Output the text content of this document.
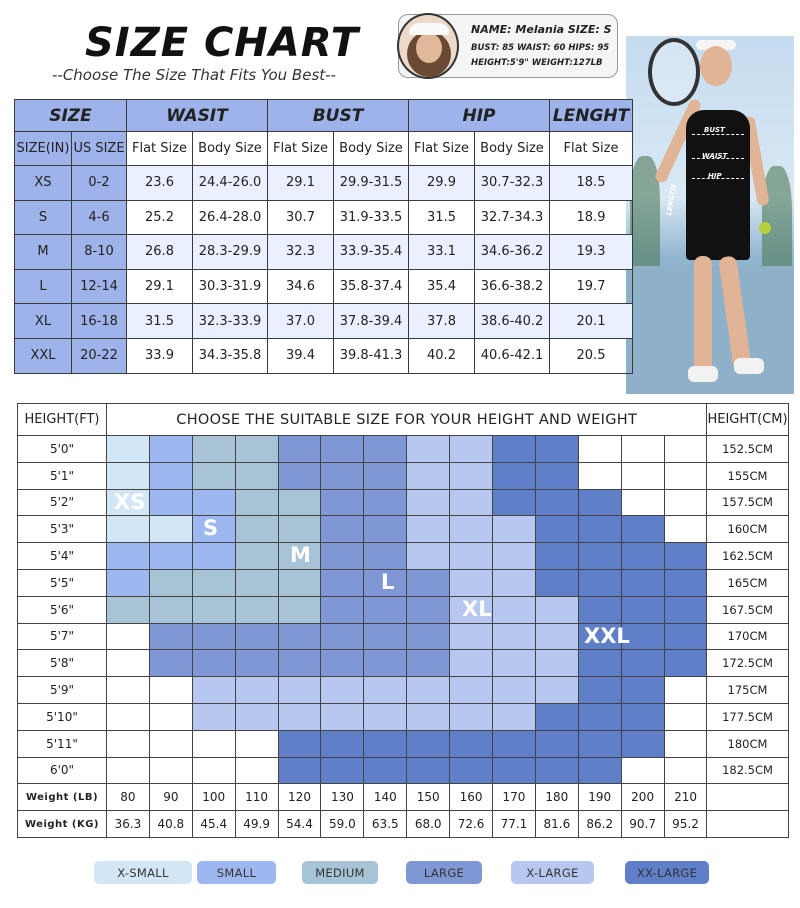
SIZE CHART
--Choose The Size That Fits You Best--
NAME: Melania SIZE: S
BUST: 85 WAIST: 60 HIPS: 95
HEIGHT:5'9" WEIGHT:127LB
BUST
WAIST
HIP
LENGTH
SIZE		WASIT		BUST		HIP		LENGHT
SIZE(IN)	US SIZE	Flat Size	Body Size	Flat Size	Body Size	Flat Size	Body Size	Flat Size
XS	0-2	23.6	24.4-26.0	29.1	29.9-31.5	29.9	30.7-32.3	18.5
S	4-6	25.2	26.4-28.0	30.7	31.9-33.5	31.5	32.7-34.3	18.9
M	8-10	26.8	28.3-29.9	32.3	33.9-35.4	33.1	34.6-36.2	19.3
L	12-14	29.1	30.3-31.9	34.6	35.8-37.4	35.4	36.6-38.2	19.7
XL	16-18	31.5	32.3-33.9	37.0	37.8-39.4	37.8	38.6-40.2	20.1
XXL	20-22	33.9	34.3-35.8	39.4	39.8-41.3	40.2	40.6-42.1	20.5
HEIGHT(FT)	CHOOSE THE SUITABLE SIZE FOR YOUR HEIGHT AND WEIGHT														HEIGHT(CM)
5'0"															152.5CM
5'1"															155CM
5'2"															157.5CM
5'3"															160CM
5'4"															162.5CM
5'5"															165CM
5'6"															167.5CM
5'7"															170CM
5'8"															172.5CM
5'9"															175CM
5'10"															177.5CM
5'11"															180CM
6'0"															182.5CM
Weight (LB)	80	90	100	110	120	130	140	150	160	170	180	190	200	210	
Weight (KG)	36.3	40.8	45.4	49.9	54.4	59.0	63.5	68.0	72.6	77.1	81.6	86.2	90.7	95.2	
XS
S
M
L
XL
XXL
X-SMALL	SMALL	MEDIUM	LARGE	X-LARGE	XX-LARGE
